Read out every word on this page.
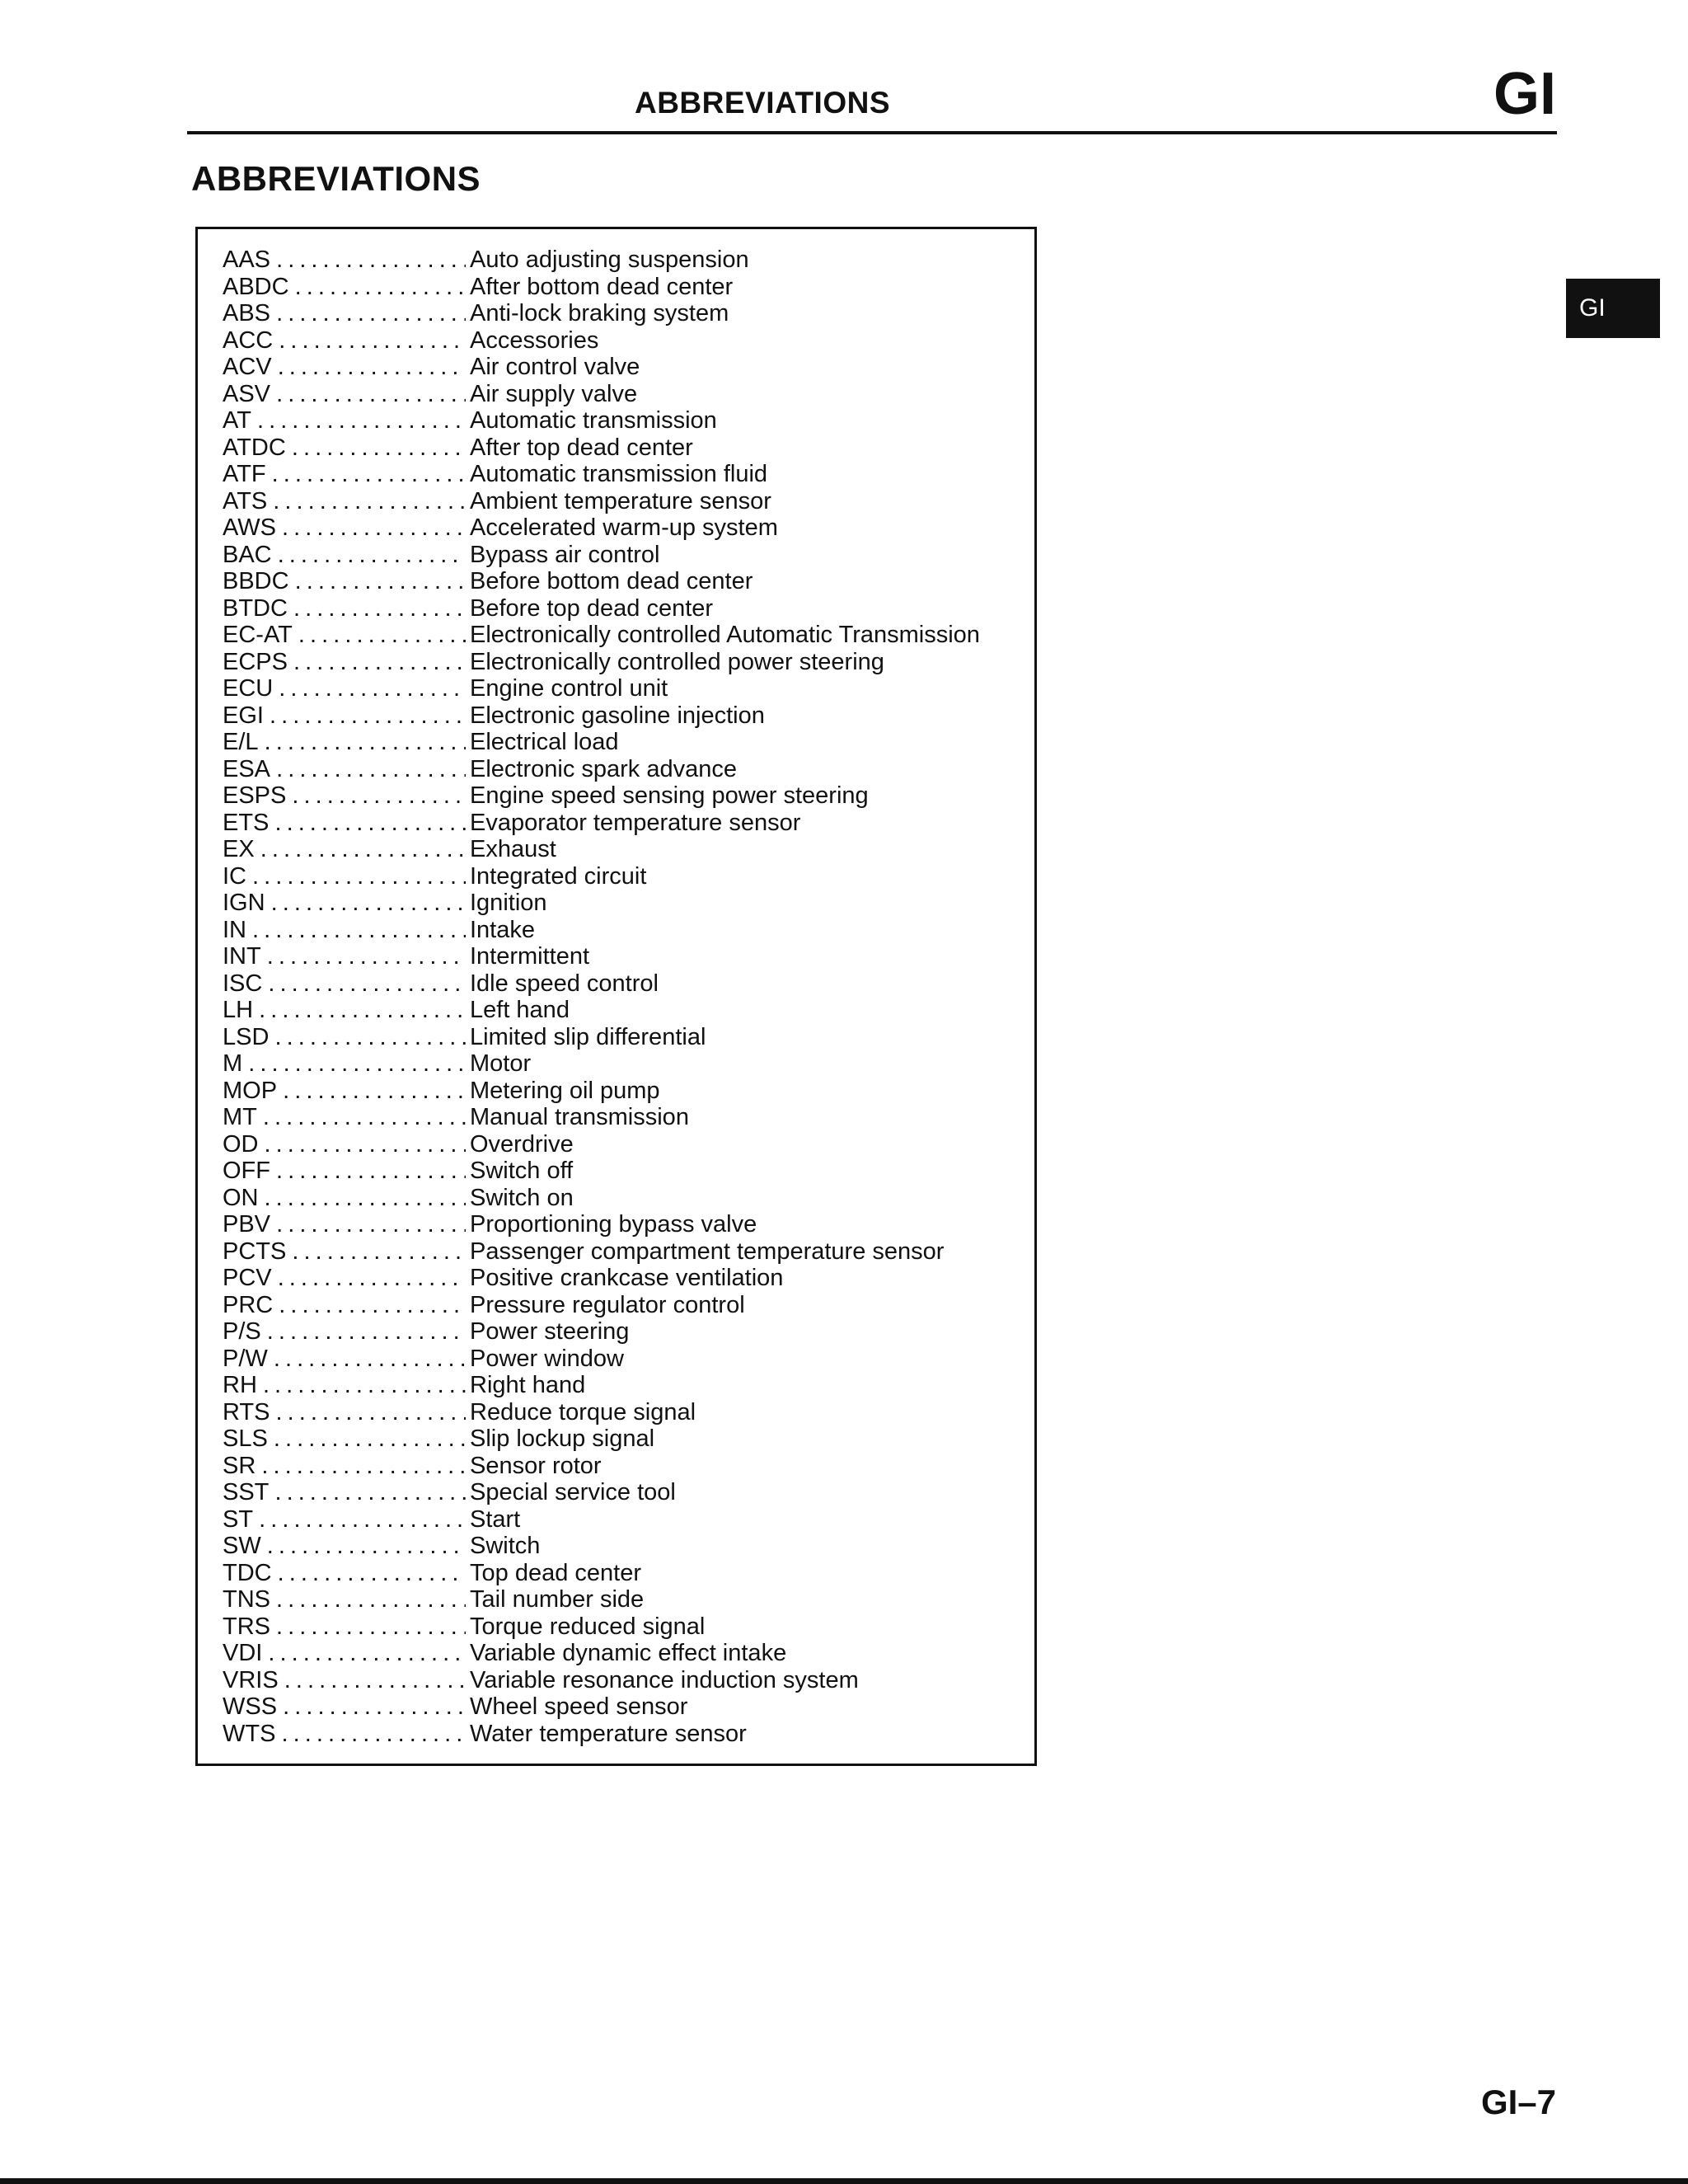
ABBREVIATIONS	GI
ABBREVIATIONS
GI
AAS . . .	Auto adjusting suspension
ABDC . . .	After bottom dead center
ABS . . .	Anti-lock braking system
ACC . . .	Accessories
ACV . . .	Air control valve
ASV . . .	Air supply valve
AT . . .	Automatic transmission
ATDC . . .	After top dead center
ATF . . .	Automatic transmission fluid
ATS . . .	Ambient temperature sensor
AWS . . .	Accelerated warm-up system
BAC . . .	Bypass air control
BBDC . . .	Before bottom dead center
BTDC . . .	Before top dead center
EC-AT . . .	Electronically controlled Automatic Transmission
ECPS . . .	Electronically controlled power steering
ECU . . .	Engine control unit
EGI . . .	Electronic gasoline injection
E/L . . .	Electrical load
ESA . . .	Electronic spark advance
ESPS . . .	Engine speed sensing power steering
ETS . . .	Evaporator temperature sensor
EX . . .	Exhaust
IC . . .	Integrated circuit
IGN . . .	Ignition
IN . . .	Intake
INT . . .	Intermittent
ISC . . .	Idle speed control
LH . . .	Left hand
LSD . . .	Limited slip differential
M . . .	Motor
MOP . . .	Metering oil pump
MT . . .	Manual transmission
OD . . .	Overdrive
OFF . . .	Switch off
ON . . .	Switch on
PBV . . .	Proportioning bypass valve
PCTS . . .	Passenger compartment temperature sensor
PCV . . .	Positive crankcase ventilation
PRC . . .	Pressure regulator control
P/S . . .	Power steering
P/W . . .	Power window
RH . . .	Right hand
RTS . . .	Reduce torque signal
SLS . . .	Slip lockup signal
SR . . .	Sensor rotor
SST . . .	Special service tool
ST . . .	Start
SW . . .	Switch
TDC . . .	Top dead center
TNS . . .	Tail number side
TRS . . .	Torque reduced signal
VDI . . .	Variable dynamic effect intake
VRIS . . .	Variable resonance induction system
WSS . . .	Wheel speed sensor
WTS . . .	Water temperature sensor
GI–7
